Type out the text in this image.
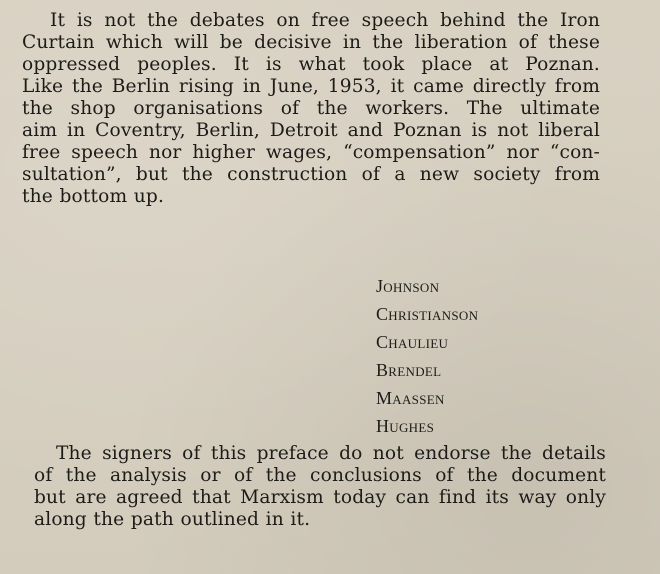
It is not the debates on free speech behind the Iron
Curtain which will be decisive in the liberation of these
oppressed peoples. It is what took place at Poznan.
Like the Berlin rising in June, 1953, it came directly from
the shop organisations of the workers. The ultimate
aim in Coventry, Berlin, Detroit and Poznan is not liberal
free speech nor higher wages, “compensation” nor “con-
sultation”, but the construction of a new society from
the bottom up.

Johnson
Christianson
Chaulieu
Brendel
Maassen
Hughes

The signers of this preface do not endorse the details
of the analysis or of the conclusions of the document
but are agreed that Marxism today can find its way only
along the path outlined in it.
